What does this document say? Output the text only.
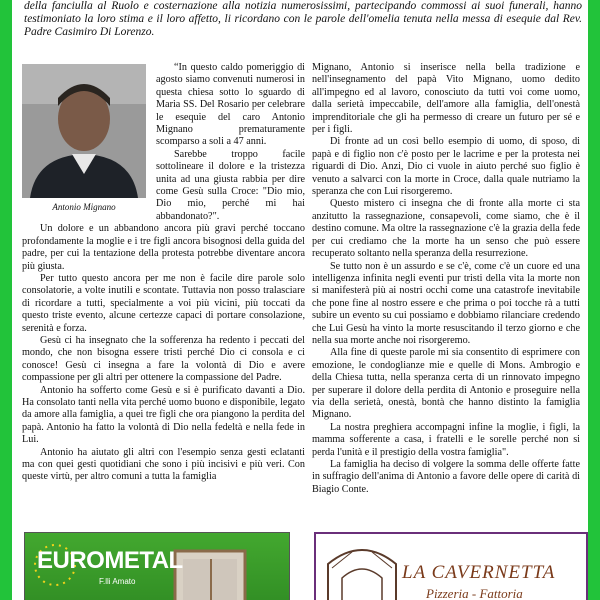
della fanciulla al Ruolo e costernazione alla notizia numerosissimi, partecipando commossi ai suoi funerali, hanno testimoniato la loro stima e il loro affetto, li ricordano con le parole dell'omelia tenuta nella messa di esequie dal Rev. Padre Casimiro Di Lorenzo.
Antonio Mignano

“In questo caldo pomeriggio di agosto siamo convenuti numerosi in questa chiesa sotto lo sguardo di Maria SS. Del Rosario per celebrare le esequie del caro Antonio Mignano prematuramente scomparso a soli a 47 anni.

Sarebbe troppo facile sottolineare il dolore e la tristezza unita ad una giusta rabbia per dire come Gesù sulla Croce: "Dio mio, Dio mio, perché mi hai abbandonato?".

Un dolore e un abbandono ancora più gravi perché toccano profondamente la moglie e i tre figli ancora bisognosi della guida del padre, per cui la tentazione della protesta potrebbe diventare ancora più giusta.

Per tutto questo ancora per me non è facile dire parole solo consolatorie, a volte inutili e scontate. Tuttavia non posso tralasciare di ricordare a tutti, specialmente a voi più vicini, più toccati da questo triste evento, alcune certezze capaci di portare consolazione, serenità e forza.

Gesù ci ha insegnato che la sofferenza ha redento i peccati del mondo, che non bisogna essere tristi perché Dio ci consola e ci conosce! Gesù ci insegna a fare la volontà di Dio e avere compassione per gli altri per ottenere la compassione del Padre.

Antonio ha sofferto come Gesù e si è purificato davanti a Dio. Ha consolato tanti nella vita perché uomo buono e disponibile, legato da amore alla famiglia, a quei tre figli che ora piangono la perdita del papà. Antonio ha fatto la volontà di Dio nella fedeltà e nella fede in Lui.

Antonio ha aiutato gli altri con l'esempio senza gesti eclatanti ma con quei gesti quotidiani che sono i più incisivi e più veri. Con queste virtù, per altro comuni a tutta la famiglia

Mignano, Antonio si inserisce nella bella tradizione e nell'insegnamento del papà Vito Mignano, uomo dedito all'impegno ed al lavoro, conosciuto da tutti voi come uomo, dalla serietà impeccabile, dell'amore alla famiglia, dell'onestà imprenditoriale che gli ha permesso di creare un futuro per sé e per i figli.

Di fronte ad un così bello esempio di uomo, di sposo, di papà e di figlio non c'è posto per le lacrime e per la protesta nei riguardi di Dio. Anzi, Dio ci vuole in aiuto perché suo figlio è venuto a salvarci con la morte in Croce, dalla quale nutriamo la speranza che con Lui risorgeremo.

Questo mistero ci insegna che di fronte alla morte ci sta anzitutto la rassegnazione, consapevoli, come siamo, che è il destino comune. Ma oltre la rassegnazione c'è la grazia della fede per cui crediamo che la morte ha un senso che può essere recuperato soltanto nella speranza della resurrezione.

Se tutto non è un assurdo e se c'è, come c'è un cuore ed una intelligenza infinita negli eventi pur tristi della vita la morte non si manifesterà più ai nostri occhi come una catastrofe inevitabile che pone fine al nostro essere e che prima o poi tocche rà a tutti subire un evento su cui possiamo e dobbiamo rilanciare credendo che Lui Gesù ha vinto la morte resuscitando il terzo giorno e che nella sua morte anche noi risorgeremo.

Alla fine di queste parole mi sia consentito di esprimere con emozione, le condoglianze mie e quelle di Mons. Ambrogio e della Chiesa tutta, nella speranza certa di un rinnovato impegno per superare il dolore della perdita di Antonio e proseguire nella via della serietà, onestà, bontà che hanno distinto la famiglia Mignano.

La nostra preghiera accompagni infine la moglie, i figli, la mamma sofferente a casa, i fratelli e le sorelle perché non si perda l'unità e il prestigio della vostra famiglia".

La famiglia ha deciso di volgere la somma delle offerte fatte in suffragio dell'anima di Antonio a favore delle opere di carità di Biagio Conte.

EUROMETAL
F.lli Amato	LA CAVERNETTA
Pizzeria - Fattoria
